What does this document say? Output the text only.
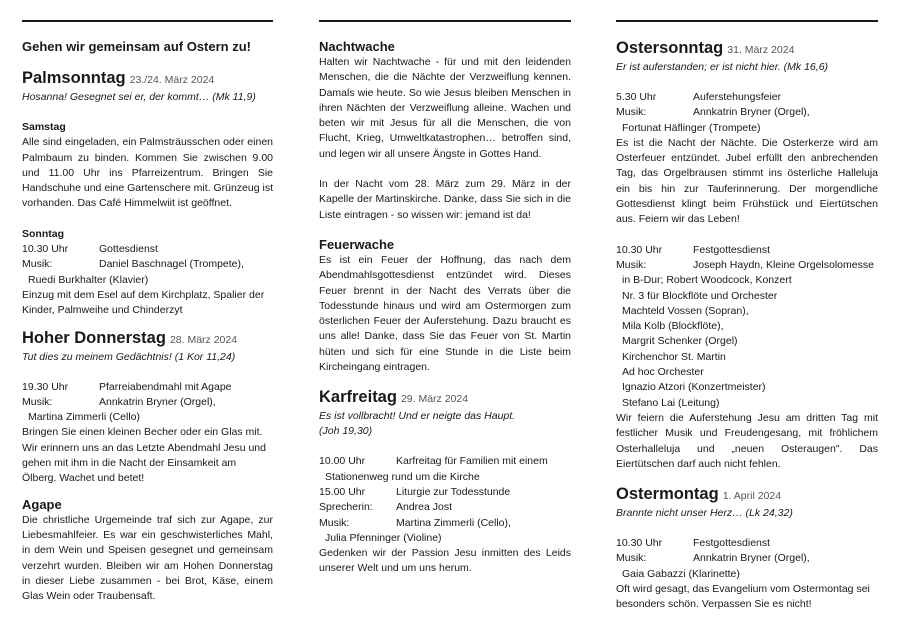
Gehen wir gemeinsam auf Ostern zu!
Palmsonntag 23./24. März 2024
Hosanna! Gesegnet sei er, der kommt… (Mk 11,9)
Samstag
Alle sind eingeladen, ein Palmsträusschen oder einen Palmbaum zu binden. Kommen Sie zwischen 9.00 und 11.00 Uhr ins Pfarreizentrum. Bringen Sie Handschuhe und eine Gartenschere mit. Grünzeug ist vorhanden. Das Café Himmelwiit ist geöffnet.
Sonntag
10.30 Uhr	Gottesdienst
Musik:	Daniel Baschnagel (Trompete),
Ruedi Burkhalter (Klavier)
Einzug mit dem Esel auf dem Kirchplatz, Spalier der Kinder, Palmweihe und Chinderzyt
Hoher Donnerstag 28. März 2024
Tut dies zu meinem Gedächtnis! (1 Kor 11,24)
19.30 Uhr	Pfarreiabendmahl mit Agape
Musik:	Annkatrin Bryner (Orgel),
Martina Zimmerli (Cello)
Bringen Sie einen kleinen Becher oder ein Glas mit. Wir erinnern uns an das Letzte Abendmahl Jesu und gehen mit ihm in die Nacht der Einsamkeit am Ölberg. Wachet und betet!
Agape
Die christliche Urgemeinde traf sich zur Agape, zur Liebesmahlfeier. Es war ein geschwisterliches Mahl, in dem Wein und Speisen gesegnet und gemeinsam verzehrt wurden. Bleiben wir am Hohen Donnerstag in dieser Liebe zusammen - bei Brot, Käse, einem Glas Wein oder Traubensaft.
Nachtwache
Halten wir Nachtwache - für und mit den leidenden Menschen, die die Nächte der Verzweiflung kennen. Damals wie heute. So wie Jesus bleiben Menschen in ihren Nächten der Verzweiflung alleine. Wachen und beten wir mit Jesus für all die Menschen, die von Flucht, Krieg, Umweltkatastrophen… betroffen sind, und legen wir all unsere Ängste in Gottes Hand.
In der Nacht vom 28. März zum 29. März in der Kapelle der Martinskirche. Danke, dass Sie sich in die Liste eintragen - so wissen wir: jemand ist da!
Feuerwache
Es ist ein Feuer der Hoffnung, das nach dem Abendmahlsgottesdienst entzündet wird. Dieses Feuer brennt in der Nacht des Verrats über die Todesstunde hinaus und wird am Ostermorgen zum österlichen Feuer der Auferstehung. Dazu braucht es uns alle! Danke, dass Sie das Feuer von St. Martin hüten und sich für eine Stunde in die Liste beim Kircheingang eintragen.
Karfreitag 29. März 2024
Es ist vollbracht! Und er neigte das Haupt.
(Joh 19,30)
10.00 Uhr	Karfreitag für Familien mit einem
Stationenweg rund um die Kirche
15.00 Uhr	Liturgie zur Todesstunde
Sprecherin:	Andrea Jost
Musik:	Martina Zimmerli (Cello),
Julia Pfenninger (Violine)
Gedenken wir der Passion Jesu inmitten des Leids unserer Welt und um uns herum.
Ostersonntag 31. März 2024
Er ist auferstanden; er ist nicht hier. (Mk 16,6)
5.30 Uhr	Auferstehungsfeier
Musik:	Annkatrin Bryner (Orgel),
Fortunat Häflinger (Trompete)
Es ist die Nacht der Nächte. Die Osterkerze wird am Osterfeuer entzündet. Jubel erfüllt den anbrechenden Tag, das Orgelbrausen stimmt ins österliche Halleluja ein bis hin zur Tauferinnerung. Der morgendliche Gottesdienst klingt beim Frühstück und Eiertütschen aus. Feiern wir das Leben!
10.30 Uhr	Festgottesdienst
Musik:	Joseph Haydn, Kleine Orgelsolomesse
in B-Dur; Robert Woodcock, Konzert
Nr. 3 für Blockflöte und Orchester
Machteld Vossen (Sopran),
Mila Kolb (Blockflöte),
Margrit Schenker (Orgel)
Kirchenchor St. Martin
Ad hoc Orchester
Ignazio Atzori (Konzertmeister)
Stefano Lai (Leitung)
Wir feiern die Auferstehung Jesu am dritten Tag mit festlicher Musik und Freudengesang, mit fröhlichem Osterhalleluja und „neuen Osteraugen". Das Eiertütschen darf auch nicht fehlen.
Ostermontag 1. April 2024
Brannte nicht unser Herz… (Lk 24,32)
10.30 Uhr	Festgottesdienst
Musik:	Annkatrin Bryner (Orgel),
Gaia Gabazzi (Klarinette)
Oft wird gesagt, das Evangelium vom Ostermontag sei besonders schön. Verpassen Sie es nicht!
